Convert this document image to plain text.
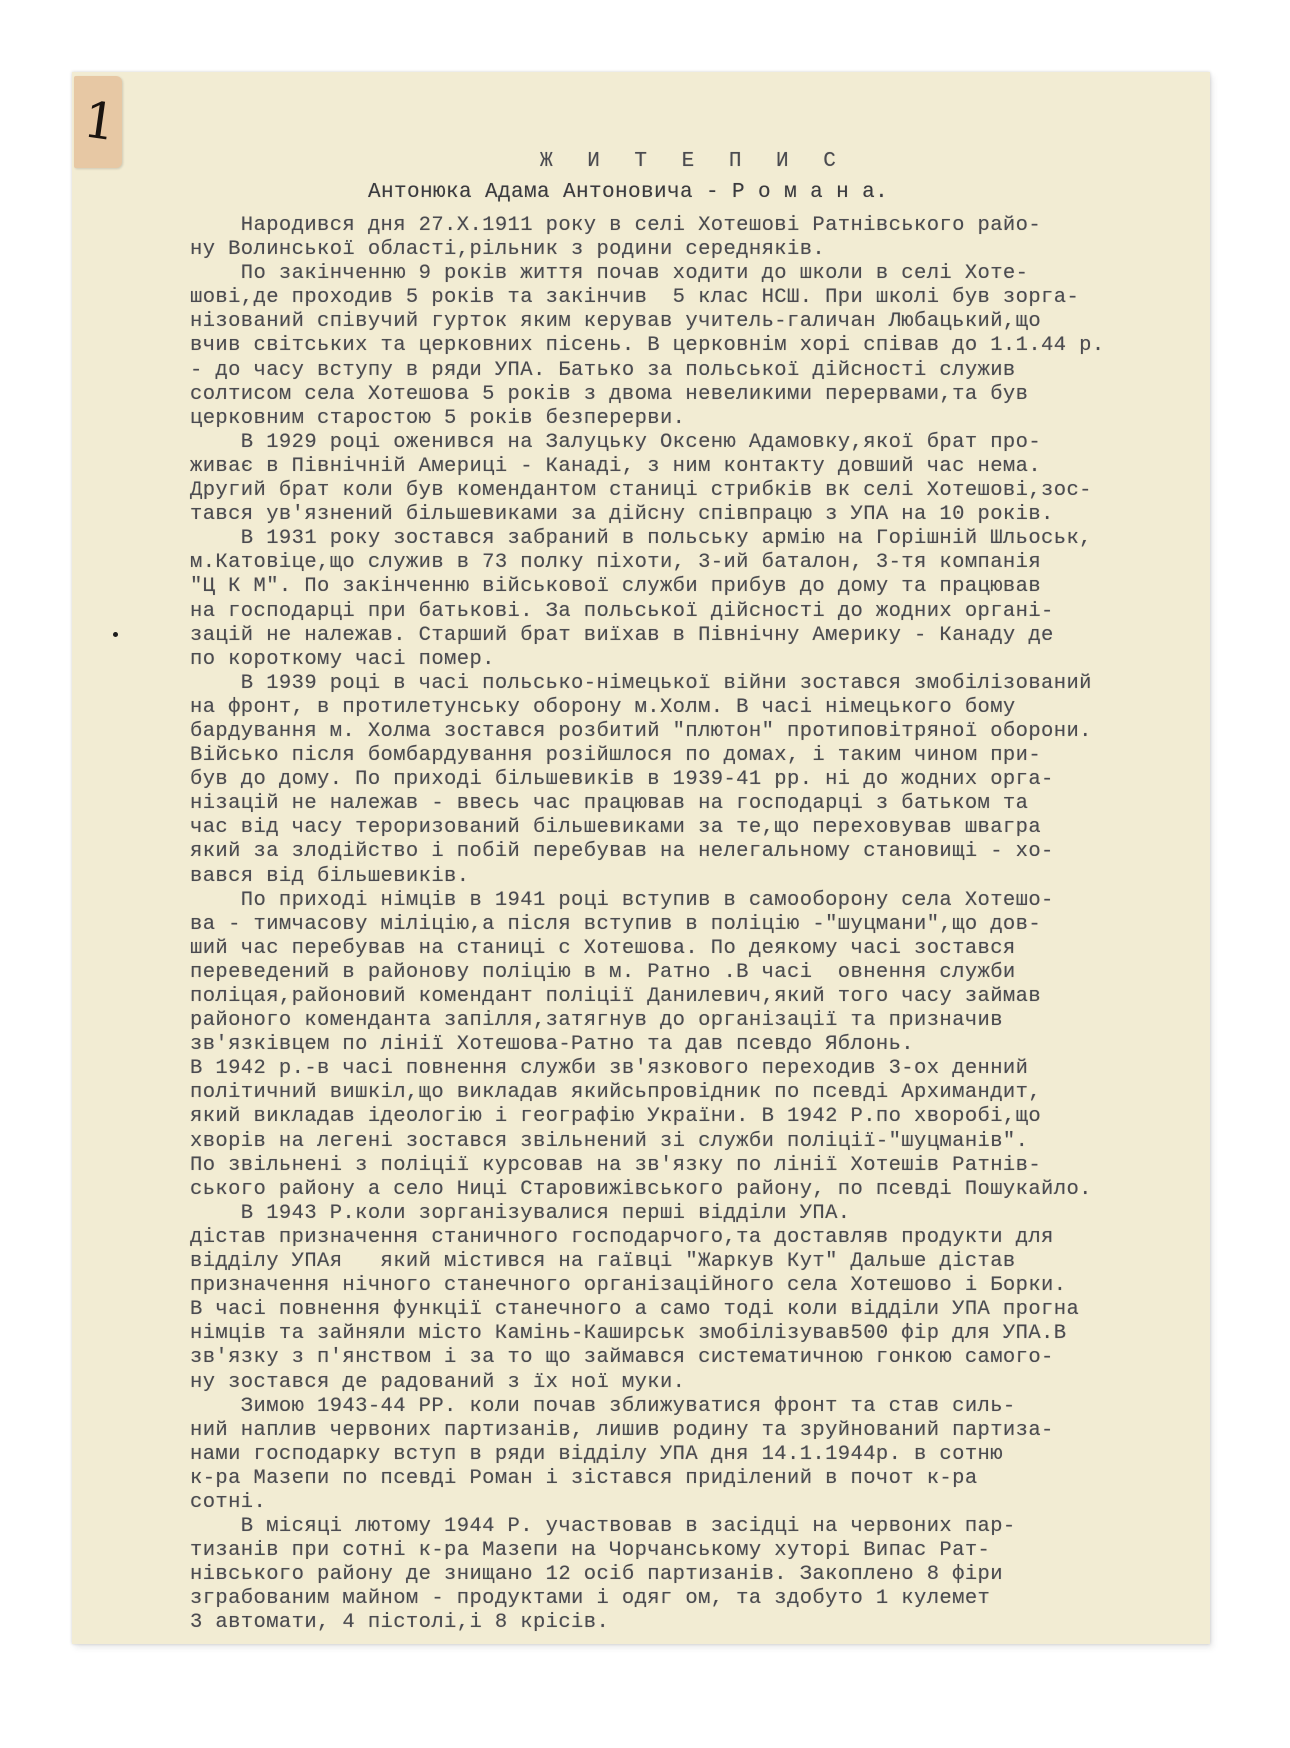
1
Ж И Т Е П И С
Антонюка Адама Антоновича - Р о м а н а.
Народився дня 27.Х.1911 року в селі Хотешові Ратнівського райо-
ну Волинської області,рільник з родини середняків.
По закінченню 9 років життя почав ходити до школи в селі Хоте-
шові,де проходив 5 років та закінчив  5 клас НСШ. При школі був зорга-
нізований співучий гурток яким керував учитель-галичан Любацький,що
вчив світських та церковних пісень. В церковнім хорі співав до 1.1.44 р.
- до часу вступу в ряди УПА. Батько за польської дійсності служив
солтисом села Хотешова 5 років з двома невеликими перервами,та був
церковним старостою 5 років безперерви.
В 1929 році оженився на Залуцьку Оксеню Адамовку,якої брат про-
живає в Північній Америці - Канаді, з ним контакту довший час нема.
Другий брат коли був комендантом станиці стрибків вк селі Хотешові,зос-
тався ув'язнений більшевиками за дійсну співпрацю з УПА на 10 років.
В 1931 року зостався забраний в польську армію на Горішній Шльоськ,
м.Катовіце,що служив в 73 полку піхоти, 3-ий баталон, 3-тя компанія
"Ц К М". По закінченню військової служби прибув до дому та працював
на господарці при батькові. За польської дійсності до жодних органі-
зацій не належав. Старший брат виїхав в Північну Америку - Канаду де
по короткому часі помер.
В 1939 році в часі польсько-німецької війни зостався змобілізований
на фронт, в протилетунську оборону м.Холм. В часі німецького бому
бардування м. Холма зостався розбитий "плютон" протиповітряної оборони.
Військо після бомбардування розійшлося по домах, і таким чином при-
був до дому. По приході більшевиків в 1939-41 рр. ні до жодних орга-
нізацій не належав - ввесь час працював на господарці з батьком та
час від часу тероризований більшевиками за те,що переховував швагра
який за злодійство і побій перебував на нелегальному становищі - хо-
вався від більшевиків.
По приході німців в 1941 році вступив в самооборону села Хотешо-
ва - тимчасову міліцію,а після вступив в поліцію -"шуцмани",що дов-
ший час перебував на станиці с Хотешова. По деякому часі зостався
переведений в районову поліцію в м. Ратно .В часі  овнення служби
поліцая,районовий комендант поліції Данилевич,який того часу займав
районого коменданта запілля,затягнув до організації та призначив
зв'язківцем по лінії Хотешова-Ратно та дав псевдо Яблонь.
В 1942 р.-в часі повнення служби зв'язкового переходив 3-ох денний
політичний вишкіл,що викладав якийсьпровідник по псевді Архимандит,
який викладав ідеологію і географію України. В 1942 Р.по хворобі,що
хворів на легені зостався звільнений зі служби поліції-"шуцманів".
По звільнені з поліції курсовав на зв'язку по лінії Хотешів Ратнів-
ського району а село Ниці Старовижівського району, по псевді Пошукайло.
В 1943 Р.коли зорганізувалися перші відділи УПА.
дістав призначення станичного господарчого,та доставляв продукти для
відділу УПАя   який містився на гаївці "Жаркув Кут" Дальше дістав
призначення нічного станечного організаційного села Хотешово і Борки.
В часі повнення функції станечного а само тоді коли відділи УПА прогна
німців та зайняли місто Камінь-Каширськ змобілізував500 фір для УПА.В
зв'язку з п'янством і за то що займався систематичною гонкою самого-
ну зостався де радований з їх ної муки.
Зимою 1943-44 РР. коли почав зближуватися фронт та став силь-
ний наплив червоних партизанів, лишив родину та зруйнований партиза-
нами господарку вступ в ряди відділу УПА дня 14.1.1944р. в сотню
к-ра Мазепи по псевді Роман і зістався приділений в почот к-ра
сотні.
В місяці лютому 1944 Р. участвовав в засідці на червоних пар-
тизанів при сотні к-ра Мазепи на Чорчанському хуторі Випас Рат-
нівського району де знищано 12 осіб партизанів. Закоплено 8 фіри
зграбованим майном - продуктами і одяг ом, та здобуто 1 кулемет
3 автомати, 4 пістолі,і 8 крісів.
